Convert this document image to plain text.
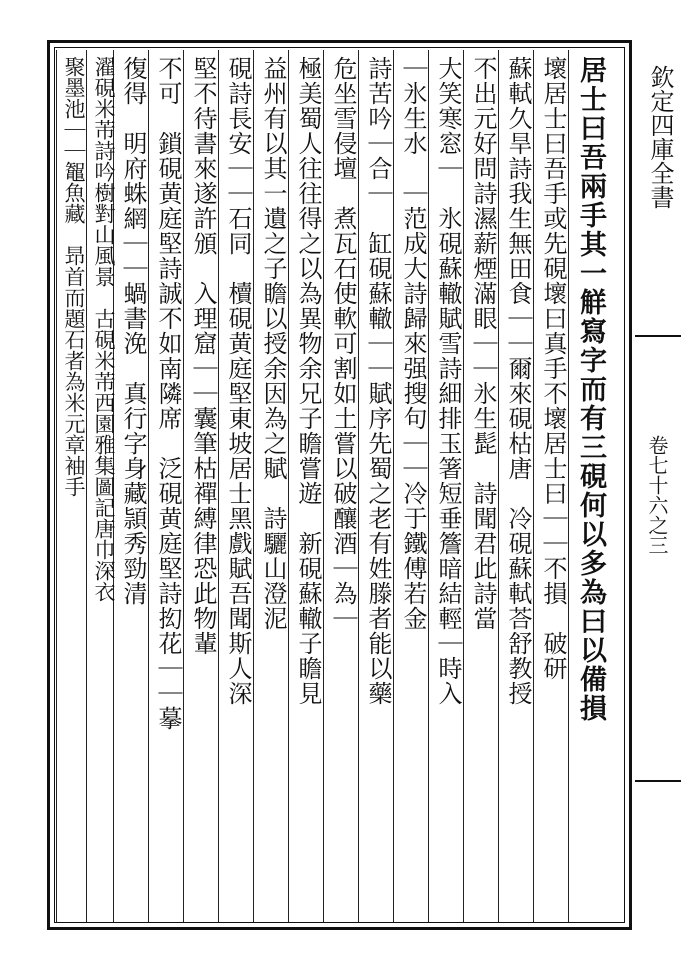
居士曰吾兩手其一觧寫字而有三硯何以多為曰以備損
壞居士曰吾手或先硯壞曰真手不壞居士曰｜｜不損　破研
蘇軾久旱詩我生無田食｜｜爾來硯枯唐　冷硯蘇軾荅舒教授
不出元好問詩濕薪煙滿眼｜｜氷生髭　詩聞君此詩當
大笑寒窓｜　氷硯蘇轍賦雪詩細排玉箸短垂簷暗結輕｜時入
｜氷生水　｜范成大詩歸來强搜句｜｜冷于鐵傅若金
詩苦吟｜合｜　缸硯蘇轍｜｜賦序先蜀之老有姓滕者能以藥
危坐雪侵壇　煮瓦石使軟可割如土嘗以破釀酒｜為｜
極美蜀人往往得之以為異物余兄子瞻嘗遊　新硯蘇轍子瞻見
益州有以其一遺之子瞻以授余因為之賦　詩驪山澄泥
硯詩長安｜｜石同　櫝硯黄庭堅東坡居士黑戲賦吾聞斯人深
堅不待書來遂許頒　入理窟｜｜囊筆枯禪縛律恐此物輩
不可　鎖硯黄庭堅詩誠不如南隣席　泛硯黄庭堅詩抝花｜｜摹
復得　明府蛛網｜｜蝸書浼　真行字身藏頴秀勁清
濯硯米芾詩吟樹對山風景　古硯米芾西園雅集圖記唐巾深衣
聚墨池｜｜鼅魚藏　昻首而題石者為米元章袖手	欽定四庫全書
卷七十六之三
